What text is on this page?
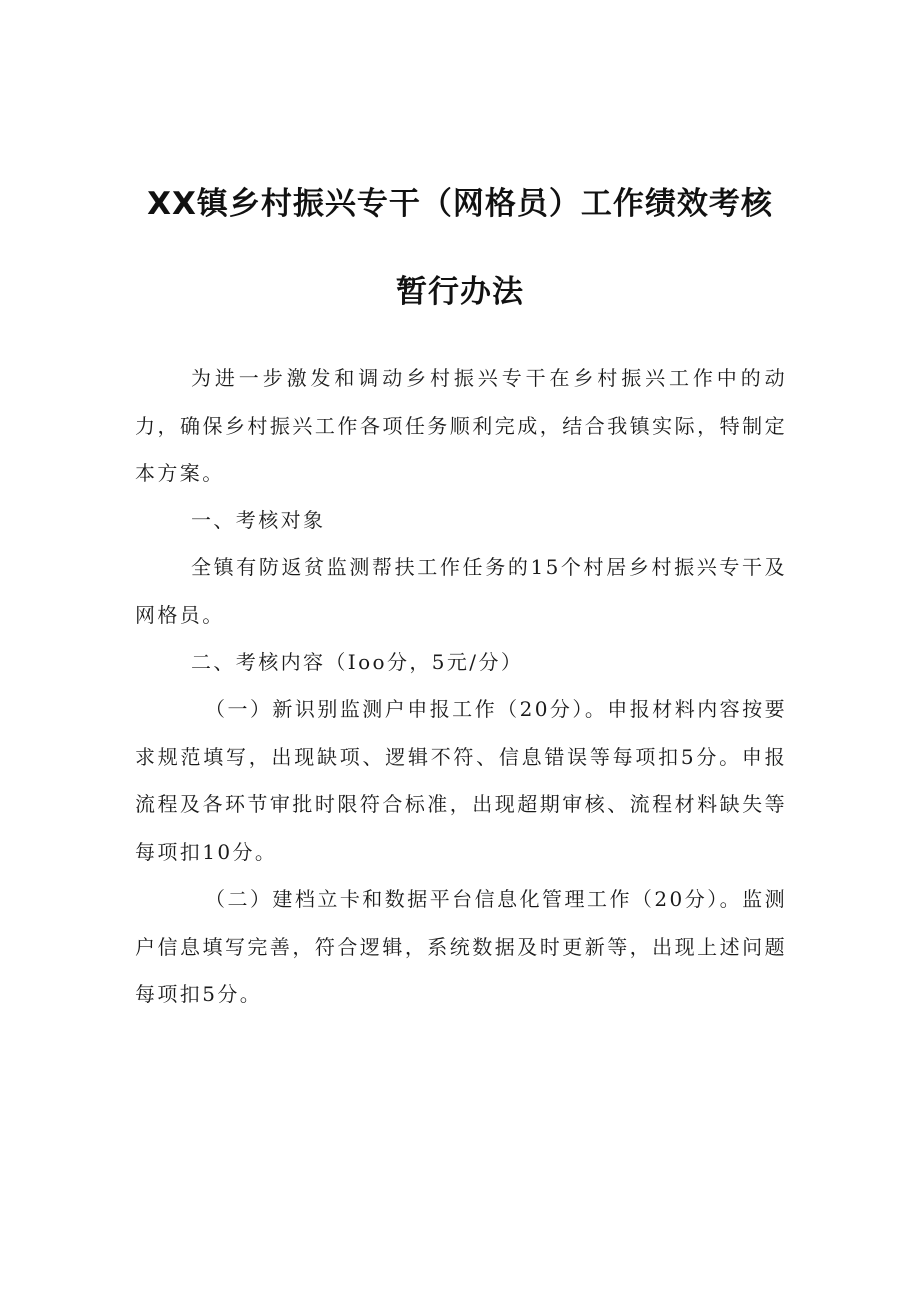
XX镇乡村振兴专干（网格员）工作绩效考核
暂行办法

为进一步激发和调动乡村振兴专干在乡村振兴工作中的动力，确保乡村振兴工作各项任务顺利完成，结合我镇实际，特制定本方案。

一、考核对象

全镇有防返贫监测帮扶工作任务的15个村居乡村振兴专干及网格员。

二、考核内容（Ioo分，5元/分）

（一）新识别监测户申报工作（20分）。申报材料内容按要求规范填写，出现缺项、逻辑不符、信息错误等每项扣5分。申报流程及各环节审批时限符合标准，出现超期审核、流程材料缺失等每项扣10分。

（二）建档立卡和数据平台信息化管理工作（20分）。监测户信息填写完善，符合逻辑，系统数据及时更新等，出现上述问题每项扣5分。
